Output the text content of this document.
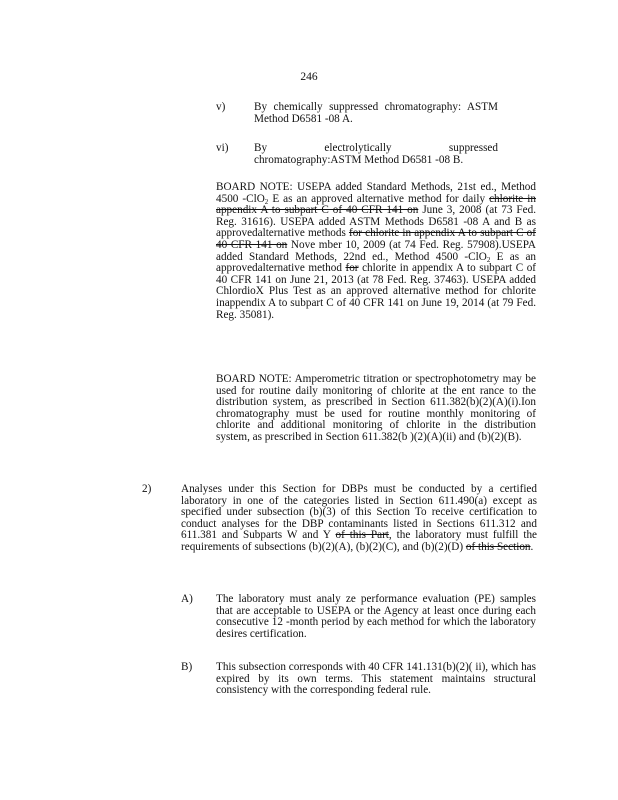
246
v)	By chemically suppressed chromatography: ASTM Method D6581 -08 A.

vi) By electrolytically suppressed chromatography:ASTM Method D6581 -08 B.

BOARD NOTE: USEPA added Standard Methods, 21st ed., Method 4500 -ClO$_2$ E as an approved alternative method for daily chlorite in appendix A to subpart C of 40 CFR 141 on June 3, 2008 (at 73 Fed. Reg. 31616). USEPA added ASTM Methods D6581 -08 A and B as approvedalternative methods for chlorite in appendix A to subpart C of 40 CFR 141 on Nove mber 10, 2009 (at 74 Fed. Reg. 57908).USEPA added Standard Methods, 22nd ed., Method 4500 -ClO$_2$ E as an approvedalternative method for chlorite in appendix A to subpart C of 40 CFR 141 on June 21, 2013 (at 78 Fed. Reg. 37463). USEPA added ChlordioX Plus Test as an approved alternative method for chlorite inappendix A to subpart C of 40 CFR 141 on June 19, 2014 (at 79 Fed. Reg. 35081).

BOARD NOTE: Amperometric titration or spectrophotometry may be used for routine daily monitoring of chlorite at the ent rance to the distribution system, as prescribed in Section 611.382(b)(2)(A)(i).Ion chromatography must be used for routine monthly monitoring of chlorite and additional monitoring of chlorite in the distribution system, as prescribed in Section 611.382(b )(2)(A)(ii) and (b)(2)(B).

2)	Analyses under this Section for DBPs must be conducted by a certified laboratory in one of the categories listed in Section 611.490(a) except as specified under subsection (b)(3) of this Section To receive certification to conduct analyses for the DBP contaminants listed in Sections 611.312 and 611.381 and Subparts W and Y of this Part, the laboratory must fulfill the requirements of subsections (b)(2)(A), (b)(2)(C), and (b)(2)(D) of this Section.

A) The laboratory must analy ze performance evaluation (PE) samples that are acceptable to USEPA or the Agency at least once during each consecutive 12 -month period by each method for which the laboratory desires certification.

B) This subsection corresponds with 40 CFR 141.131(b)(2)( ii), which has expired by its own terms. This statement maintains structural consistency with the corresponding federal rule.
